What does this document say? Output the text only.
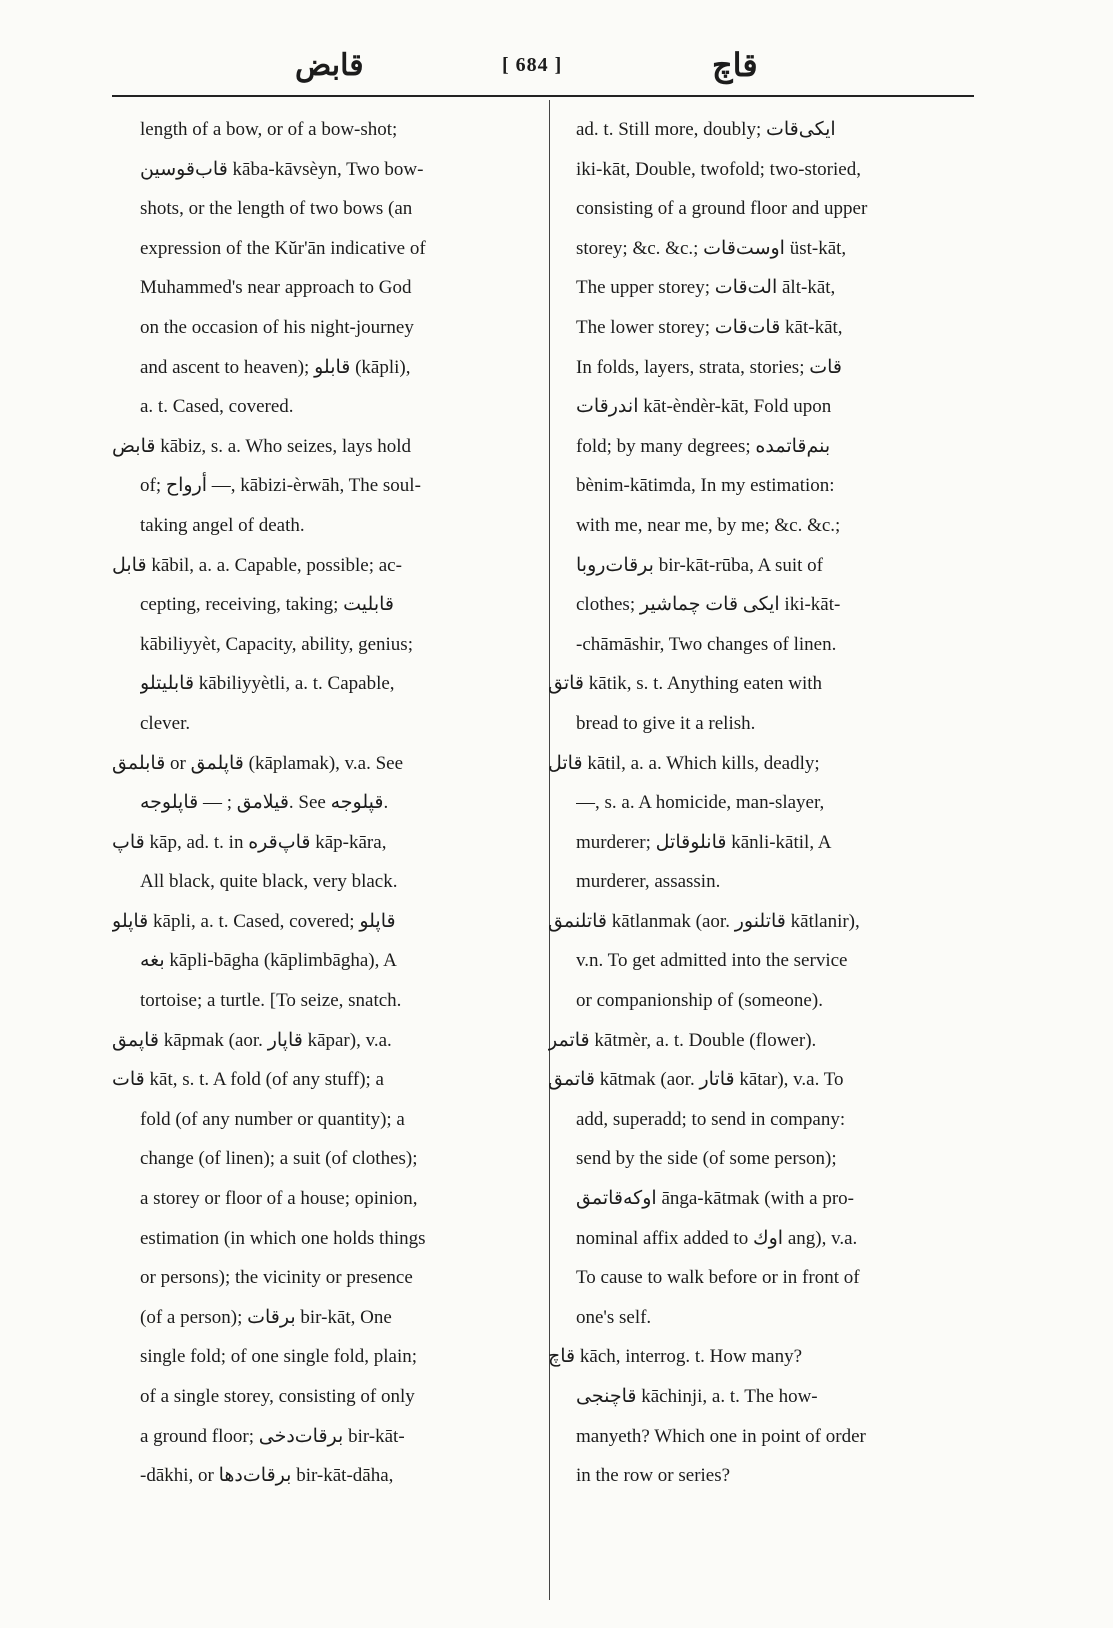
قابض	[ 684 ]	قاچ
length of a bow, or of a bow-shot;
قاب‌قوسین kāba-kāvsèyn, Two bow-
shots, or the length of two bows (an
expression of the Kŭr'ān indicative of
Muhammed's near approach to God
on the occasion of his night-journey
and ascent to heaven); قابلو (kāpli),
a. t. Cased, covered.
قابض kābiz, s. a. Who seizes, lays hold
of; أرواح —, kābizi-èrwāh, The soul-
taking angel of death.
قابل kābil, a. a. Capable, possible; ac-
cepting, receiving, taking; قابلیت
kābiliyyèt, Capacity, ability, genius;
قابلیتلو kābiliyyètli, a. t. Capable,
clever.
قابلمق or قاپلمق (kāplamak), v.a. See
قیلامق ; — قاپلوجه. See قپلوجه.
قاپ kāp, ad. t. in قاپ‌قره kāp-kāra,
All black, quite black, very black.
قاپلو kāpli, a. t. Cased, covered; قاپلو
بغه kāpli-bāgha (kāplimbāgha), A
tortoise; a turtle. [To seize, snatch.
قاپمق kāpmak (aor. قاپار kāpar), v.a.
قات kāt, s. t. A fold (of any stuff); a
fold (of any number or quantity); a
change (of linen); a suit (of clothes);
a storey or floor of a house; opinion,
estimation (in which one holds things
or persons); the vicinity or presence
(of a person); برقات bir-kāt, One
single fold; of one single fold, plain;
of a single storey, consisting of only
a ground floor; برقات‌دخی bir-kāt-
-dākhi, or برقات‌دها bir-kāt-dāha,
ad. t. Still more, doubly; ایکی‌قات
iki-kāt, Double, twofold; two-storied,
consisting of a ground floor and upper
storey; &c. &c.; اوست‌قات üst-kāt,
The upper storey; الت‌قات ālt-kāt,
The lower storey; قات‌قات kāt-kāt,
In folds, layers, strata, stories; قات
اندرقات kāt-èndèr-kāt, Fold upon
fold; by many degrees; بنم‌قاتمده
bènim-kātimda, In my estimation:
with me, near me, by me; &c. &c.;
برقات‌روبا bir-kāt-rūba, A suit of
clothes; ایکی قات چماشیر iki-kāt-
-chāmāshir, Two changes of linen.
قاتق kātik, s. t. Anything eaten with
bread to give it a relish.
قاتل kātil, a. a. Which kills, deadly;
—, s. a. A homicide, man-slayer,
murderer; قانلوقاتل kānli-kātil, A
murderer, assassin.
قاتلنمق kātlanmak (aor. قاتلنور kātlanir),
v.n. To get admitted into the service
or companionship of (someone).
قاتمر kātmèr, a. t. Double (flower).
قاتمق kātmak (aor. قاتار kātar), v.a. To
add, superadd; to send in company:
send by the side (of some person);
اوکه‌قاتمق ānga-kātmak (with a pro-
nominal affix added to اوك ang), v.a.
To cause to walk before or in front of
one's self.
قاچ kāch, interrog. t. How many?
قاچنجی kāchinji, a. t. The how-
manyeth? Which one in point of order
in the row or series?
